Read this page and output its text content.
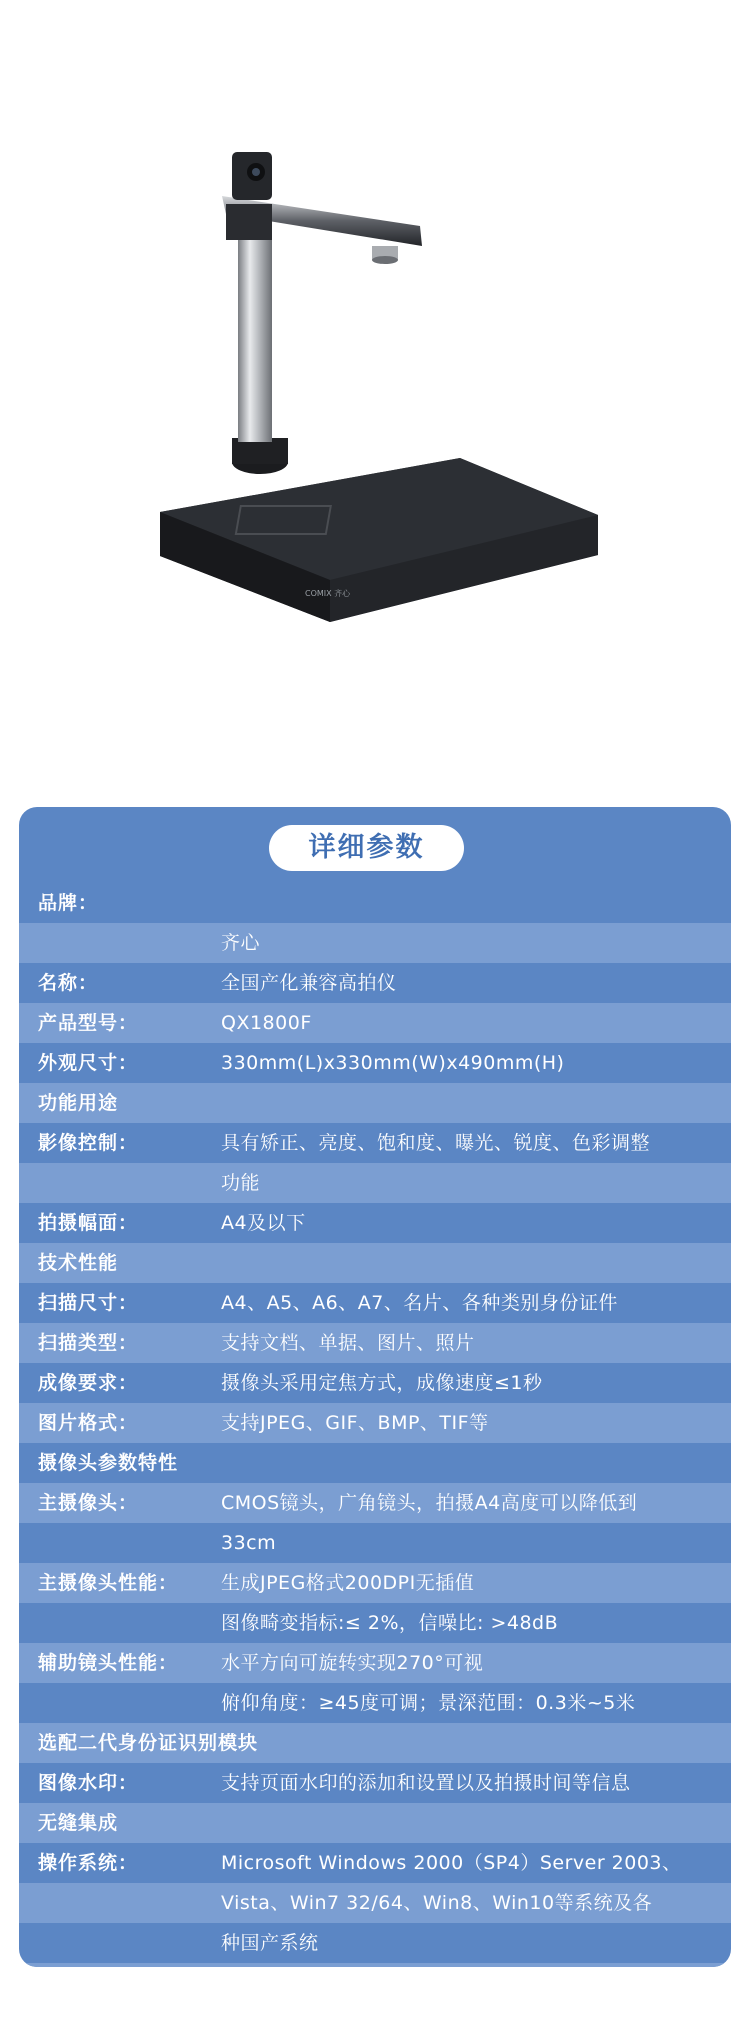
COMIX 齐心
详细参数
品牌：
齐心
名称：	全国产化兼容高拍仪
产品型号：	QX1800F
外观尺寸：	330mm(L)x330mm(W)x490mm(H)
功能用途
影像控制：	具有矫正、亮度、饱和度、曝光、锐度、色彩调整
功能
拍摄幅面：	A4及以下
技术性能
扫描尺寸：	A4、A5、A6、A7、名片、各种类别身份证件
扫描类型：	支持文档、单据、图片、照片
成像要求：	摄像头采用定焦方式，成像速度≤1秒
图片格式：	支持JPEG、GIF、BMP、TIF等
摄像头参数特性
主摄像头：	CMOS镜头，广角镜头，拍摄A4高度可以降低到
33cm
主摄像头性能： 生成JPEG格式200DPI无插值
图像畸变指标:≤ 2%，信噪比: >48dB
辅助镜头性能： 水平方向可旋转实现270°可视
俯仰角度：≥45度可调；景深范围：0.3米~5米
选配二代身份证识别模块
图像水印：	支持页面水印的添加和设置以及拍摄时间等信息
无缝集成
操作系统：	Microsoft Windows 2000（SP4）Server 2003、
Vista、Win7 32/64、Win8、Win10等系统及各
种国产系统
